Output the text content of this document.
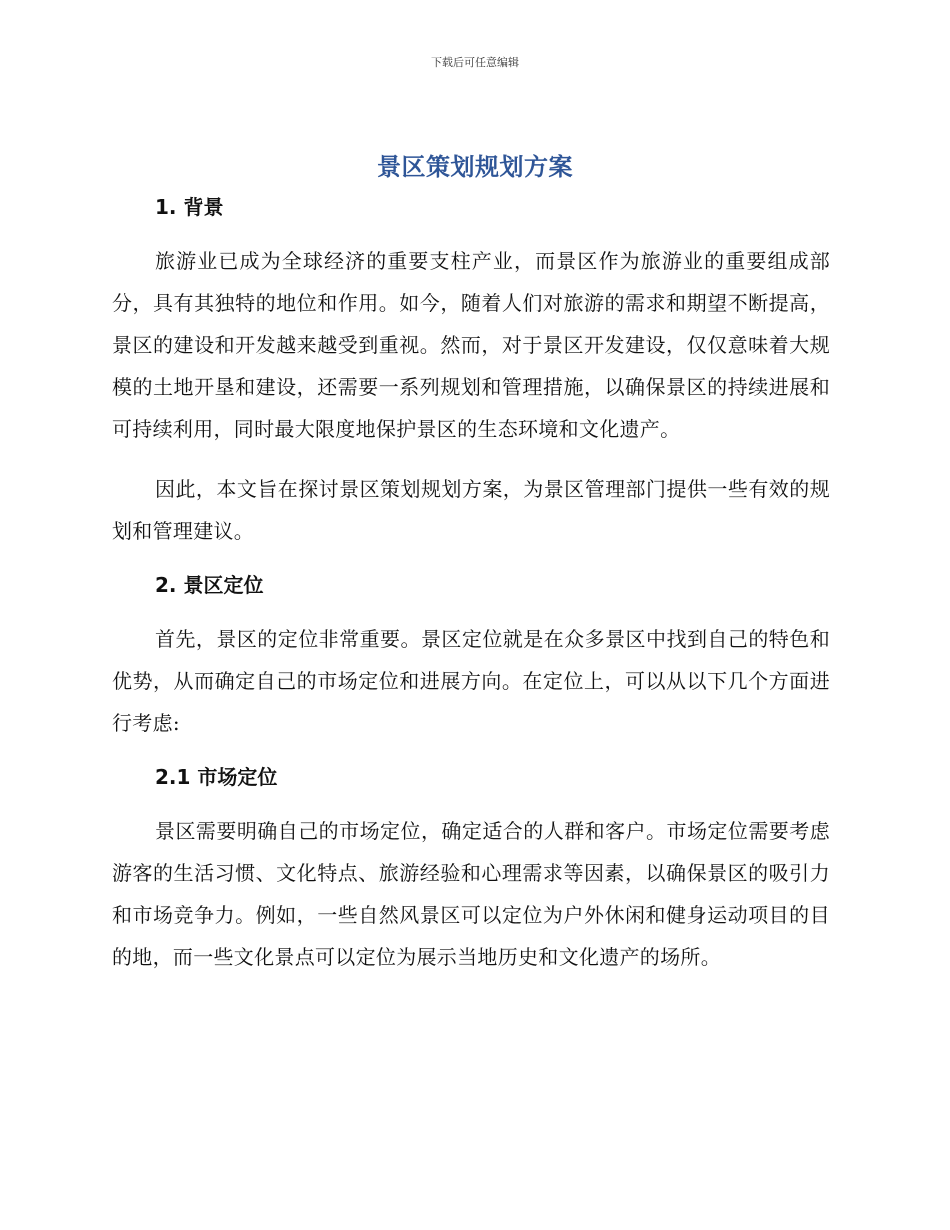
下载后可任意编辑
景区策划规划方案
1. 背景

旅游业已成为全球经济的重要支柱产业，而景区作为旅游业的重要组成部分，具有其独特的地位和作用。如今，随着人们对旅游的需求和期望不断提高，景区的建设和开发越来越受到重视。然而，对于景区开发建设，仅仅意味着大规模的土地开垦和建设，还需要一系列规划和管理措施，以确保景区的持续进展和可持续利用，同时最大限度地保护景区的生态环境和文化遗产。

因此，本文旨在探讨景区策划规划方案，为景区管理部门提供一些有效的规划和管理建议。

2. 景区定位

首先，景区的定位非常重要。景区定位就是在众多景区中找到自己的特色和优势，从而确定自己的市场定位和进展方向。在定位上，可以从以下几个方面进行考虑:

2.1 市场定位

景区需要明确自己的市场定位，确定适合的人群和客户。市场定位需要考虑游客的生活习惯、文化特点、旅游经验和心理需求等因素，以确保景区的吸引力和市场竞争力。例如，一些自然风景区可以定位为户外休闲和健身运动项目的目的地，而一些文化景点可以定位为展示当地历史和文化遗产的场所。
